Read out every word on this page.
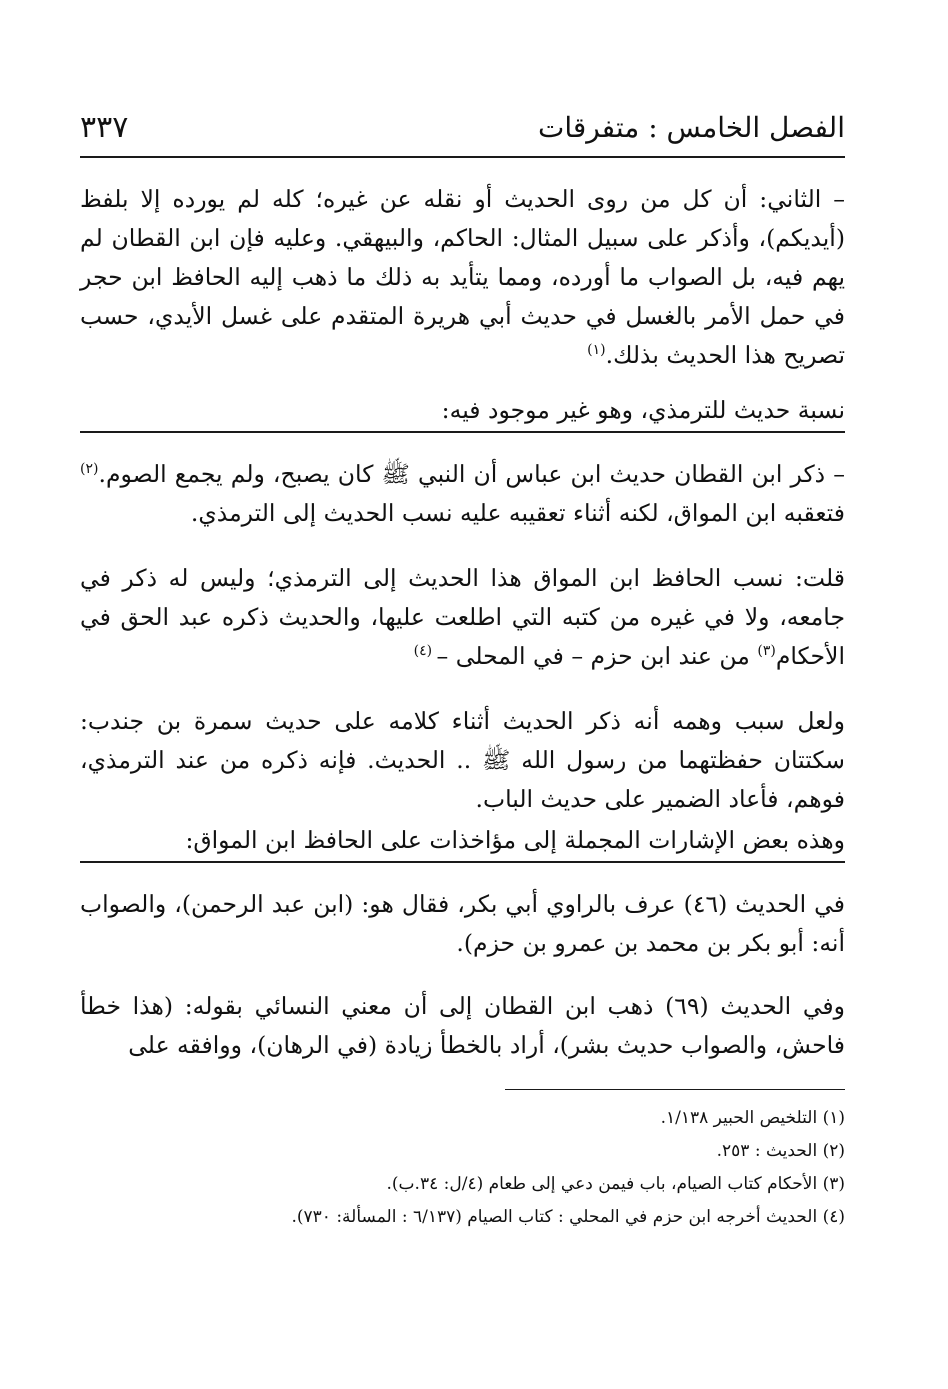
الفصل الخامس : متفرقات
٣٣٧

– الثاني: أن كل من روى الحديث أو نقله عن غيره؛ كله لم يورده إلا بلفظ (أيديكم)، وأذكر على سبيل المثال: الحاكم، والبيهقي. وعليه فإن ابن القطان لم يهم فيه، بل الصواب ما أورده، ومما يتأيد به ذلك ما ذهب إليه الحافظ ابن حجر في حمل الأمر بالغسل في حديث أبي هريرة المتقدم على غسل الأيدي، حسب تصريح هذا الحديث بذلك.$^{(١)}$

نسبة حديث للترمذي، وهو غير موجود فيه:

– ذكر ابن القطان حديث ابن عباس أن النبي ﷺ كان يصبح، ولم يجمع الصوم.$^{(٢)}$ فتعقبه ابن المواق، لكنه أثناء تعقيبه عليه نسب الحديث إلى الترمذي.

قلت: نسب الحافظ ابن المواق هذا الحديث إلى الترمذي؛ وليس له ذكر في جامعه، ولا في غيره من كتبه التي اطلعت عليها، والحديث ذكره عبد الحق في الأحكام$^{(٣)}$ من عند ابن حزم – في المحلى – $^{(٤)}$

ولعل سبب وهمه أنه ذكر الحديث أثناء كلامه على حديث سمرة بن جندب: سكتتان حفظتهما من رسول الله ﷺ .. الحديث. فإنه ذكره من عند الترمذي، فوهم، فأعاد الضمير على حديث الباب.

وهذه بعض الإشارات المجملة إلى مؤاخذات على الحافظ ابن المواق:

في الحديث (٤٦) عرف بالراوي أبي بكر، فقال هو: (ابن عبد الرحمن)، والصواب أنه: أبو بكر بن محمد بن عمرو بن حزم).

وفي الحديث (٦٩) ذهب ابن القطان إلى أن معني النسائي بقوله: (هذا خطأ فاحش، والصواب حديث بشر)، أراد بالخطأ زيادة (في الرهان)، ووافقه على

(١) التلخيص الحبير ١/١٣٨.
(٢) الحديث : ٢٥٣.
(٣) الأحكام كتاب الصيام، باب فيمن دعي إلى طعام (٤/ل: ٣٤.ب).
(٤) الحديث أخرجه ابن حزم في المحلي : كتاب الصيام (٦/١٣٧ : المسألة: ٧٣٠).
